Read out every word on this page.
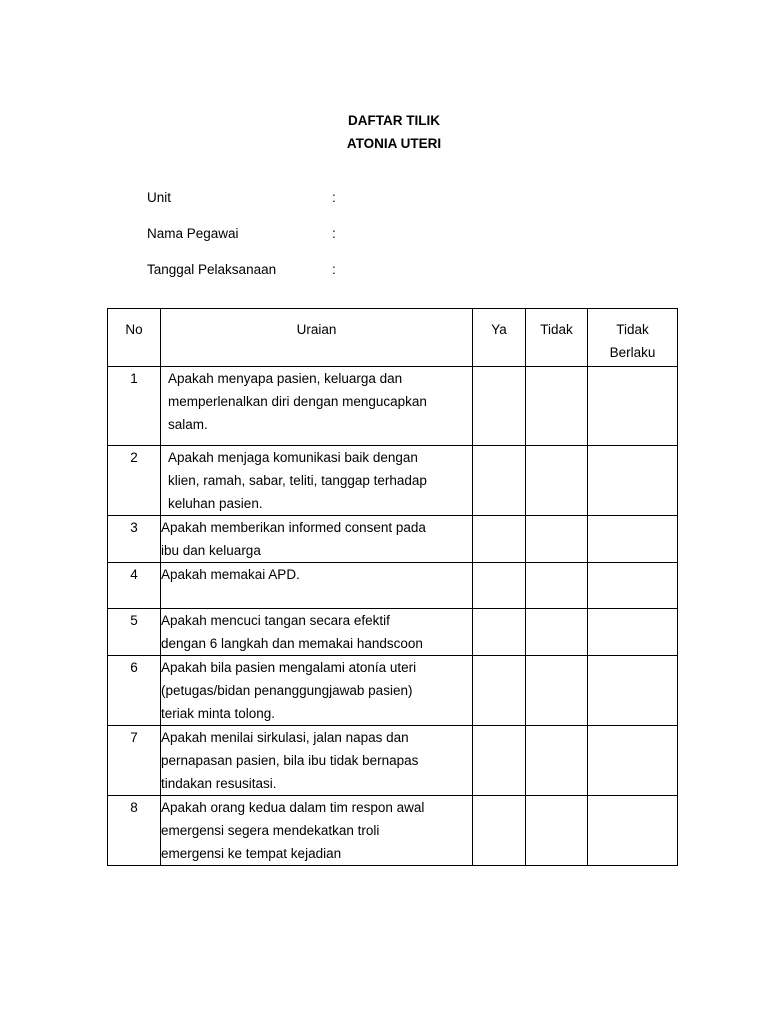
DAFTAR TILIK
ATONIA UTERI
Unit	:
Nama Pegawai	:
Tanggal Pelaksanaan	:
No	Uraian	Ya	Tidak	Tidak
Berlaku

1	Apakah menyapa pasien, keluarga dan
memperlenalkan diri dengan mengucapkan
salam.			

2	Apakah menjaga komunikasi baik dengan
klien, ramah, sabar, teliti, tanggap terhadap
keluhan pasien.			

3	Apakah memberikan informed consent pada
ibu dan keluarga			

4	Apakah memakai APD.			

5	Apakah mencuci tangan secara efektif
dengan 6 langkah dan memakai handscoon			

6	Apakah bila pasien mengalami atonía uteri
(petugas/bidan penanggungjawab pasien)
teriak minta tolong.			

7	Apakah menilai sirkulasi, jalan napas dan
pernapasan pasien, bila ibu tidak bernapas
tindakan resusitasi.			

8	Apakah orang kedua dalam tim respon awal
emergensi segera mendekatkan troli
emergensi ke tempat kejadian			
